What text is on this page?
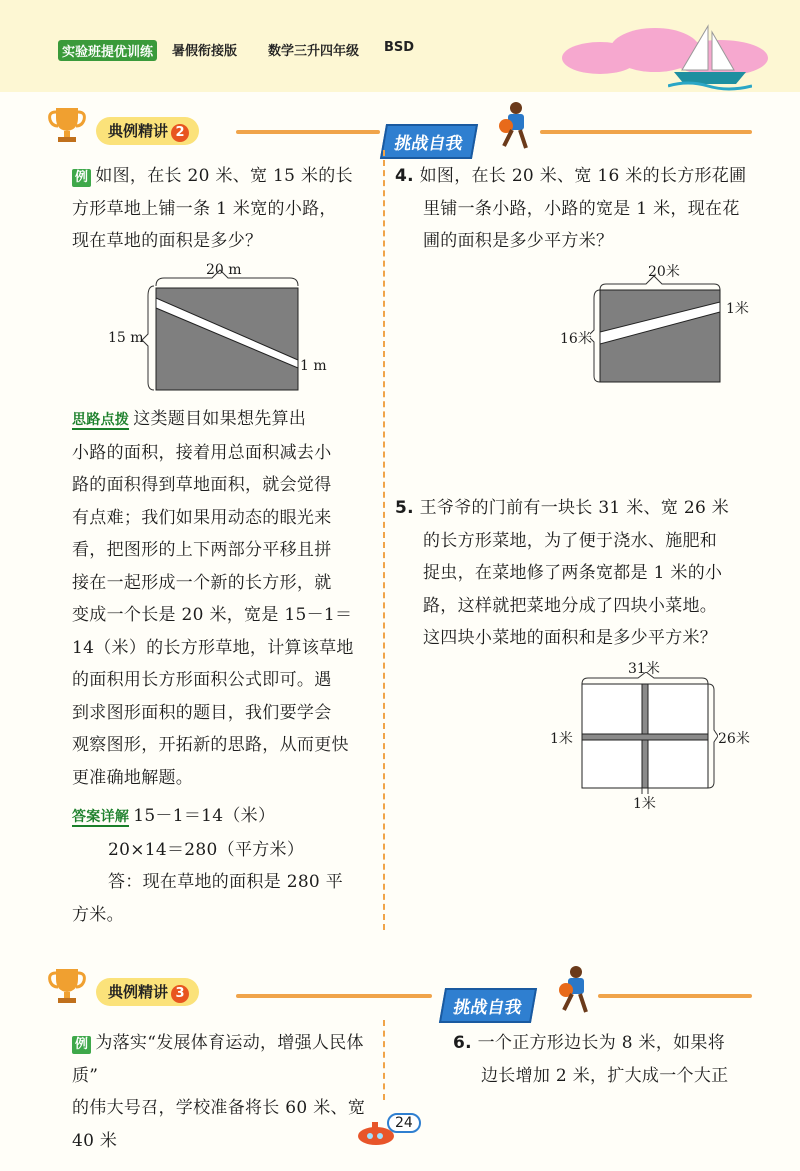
实验班提优训练	暑假衔接版 数学三升四年级 BSD
典例精讲 2
挑战自我
例 如图，在长 20 米、宽 15 米的长
方形草地上铺一条 1 米宽的小路，
现在草地的面积是多少？
20 m
15 m
1 m
思路点拨 这类题目如果想先算出
小路的面积，接着用总面积减去小
路的面积得到草地面积，就会觉得
有点难；我们如果用动态的眼光来
看，把图形的上下两部分平移且拼
接在一起形成一个新的长方形，就
变成一个长是 20 米，宽是 15－1＝
14（米）的长方形草地，计算该草地
的面积用长方形面积公式即可。遇
到求图形面积的题目，我们要学会
观察图形，开拓新的思路，从而更快
更准确地解题。
答案详解 15－1＝14（米）
20×14＝280（平方米）
答：现在草地的面积是 280 平
方米。
4. 如图，在长 20 米、宽 16 米的长方形花圃
里铺一条小路，小路的宽是 1 米，现在花
圃的面积是多少平方米？
20米
16米
1米
5. 王爷爷的门前有一块长 31 米、宽 26 米
的长方形菜地，为了便于浇水、施肥和
捉虫，在菜地修了两条宽都是 1 米的小
路，这样就把菜地分成了四块小菜地。
这四块小菜地的面积和是多少平方米？
31米
1米	26米
1米
典例精讲 3
挑战自我
例 为落实“发展体育运动，增强人民体质”
的伟大号召，学校准备将长 60 米、宽 40 米
6. 一个正方形边长为 8 米，如果将
边长增加 2 米，扩大成一个大正
24
